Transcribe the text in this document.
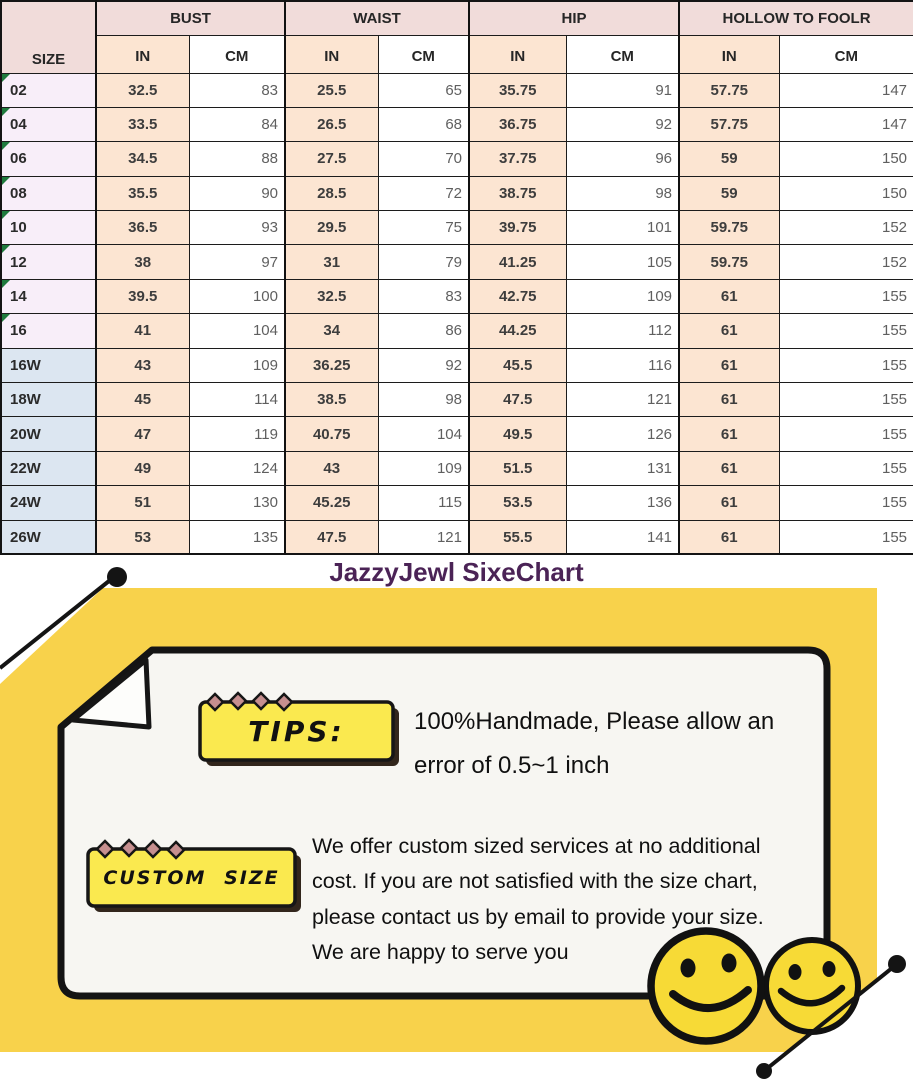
SIZE	BUST		WAIST		HIP		HOLLOW TO FOOLR	
	IN	CM	IN	CM	IN	CM	IN	CM

02	32.5	83	25.5	65	35.75	91	57.75	147

04	33.5	84	26.5	68	36.75	92	57.75	147

06	34.5	88	27.5	70	37.75	96	59	150

08	35.5	90	28.5	72	38.75	98	59	150

10	36.5	93	29.5	75	39.75	101	59.75	152

12	38	97	31	79	41.25	105	59.75	152

14	39.5	100	32.5	83	42.75	109	61	155

16	41	104	34	86	44.25	112	61	155
16W	43	109	36.25	92	45.5	116	61	155
18W	45	114	38.5	98	47.5	121	61	155
20W	47	119	40.75	104	49.5	126	61	155
22W	49	124	43	109	51.5	131	61	155
24W	51	130	45.25	115	53.5	136	61	155
26W	53	135	47.5	121	55.5	141	61	155
JazzyJewl SixeChart
TIPS:	100%Handmade, Please allow an
error of 0.5~1 inch
CUSTOM SIZE
We offer custom sized services at no additional
cost. If you are not satisfied with the size chart,
please contact us by email to provide your size.
We are happy to serve you
